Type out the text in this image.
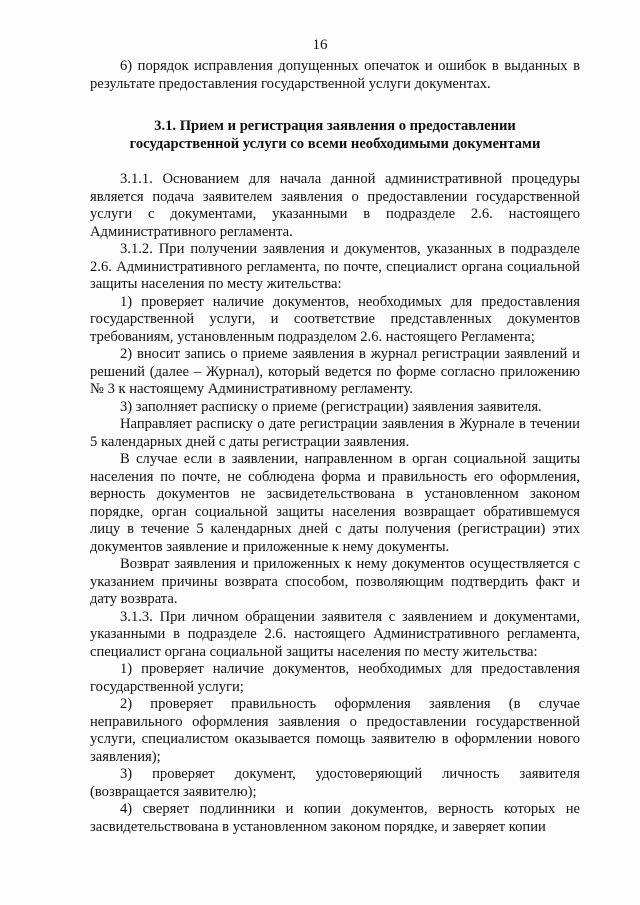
16

6) порядок исправления допущенных опечаток и ошибок в выданных в результате предоставления государственной услуги документах.

3.1. Прием и регистрация заявления о предоставлении
государственной услуги со всеми необходимыми документами

3.1.1. Основанием для начала данной административной процедуры является подача заявителем заявления о предоставлении государственной услуги с документами, указанными в подразделе 2.6. настоящего Административного регламента.

3.1.2. При получении заявления и документов, указанных в подразделе 2.6. Административного регламента, по почте, специалист органа социальной защиты населения по месту жительства:

1) проверяет наличие документов, необходимых для предоставления государственной услуги, и соответствие представленных документов требованиям, установленным подразделом 2.6. настоящего Регламента;

2) вносит запись о приеме заявления в журнал регистрации заявлений и решений (далее – Журнал), который ведется по форме согласно приложению № 3 к настоящему Административному регламенту.

3) заполняет расписку о приеме (регистрации) заявления заявителя.

Направляет расписку о дате регистрации заявления в Журнале в течении 5 календарных дней с даты регистрации заявления.

В случае если в заявлении, направленном в орган социальной защиты населения по почте, не соблюдена форма и правильность его оформления, верность документов не засвидетельствована в установленном законом порядке, орган социальной защиты населения возвращает обратившемуся лицу в течение 5 календарных дней с даты получения (регистрации) этих документов заявление и приложенные к нему документы.

Возврат заявления и приложенных к нему документов осуществляется с указанием причины возврата способом, позволяющим подтвердить факт и дату возврата.

3.1.3. При личном обращении заявителя с заявлением и документами, указанными в подразделе 2.6. настоящего Административного регламента, специалист органа социальной защиты населения по месту жительства:

1) проверяет наличие документов, необходимых для предоставления государственной услуги;

2) проверяет правильность оформления заявления (в случае неправильного оформления заявления о предоставлении государственной услуги, специалистом оказывается помощь заявителю в оформлении нового заявления);

3) проверяет документ, удостоверяющий личность заявителя (возвращается заявителю);

4) сверяет подлинники и копии документов, верность которых не засвидетельствована в установленном законом порядке, и заверяет копии
